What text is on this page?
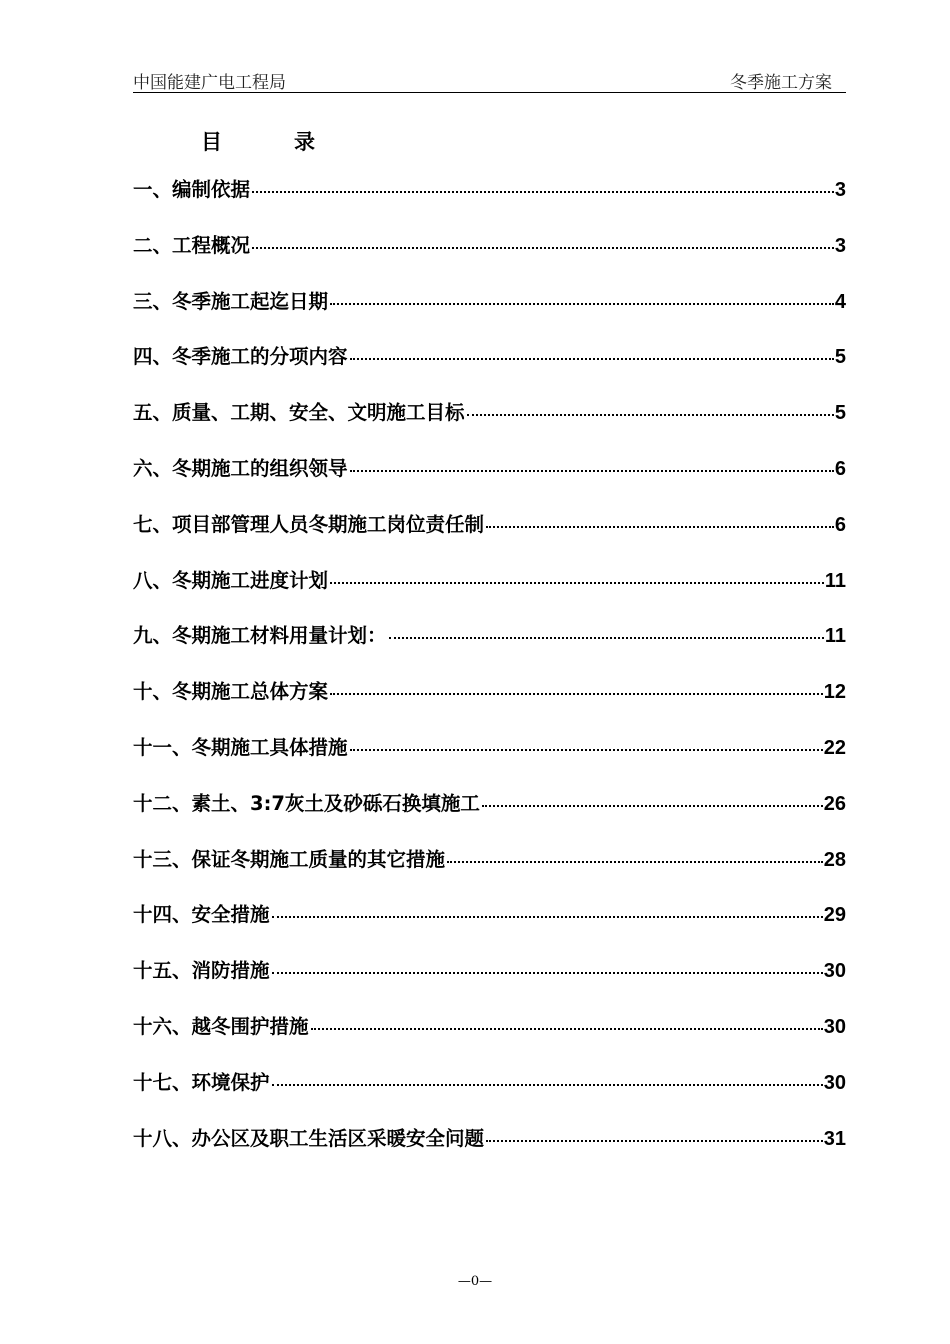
中国能建广电工程局	冬季施工方案
目	录
一、编制依据	3
二、工程概况	3
三、冬季施工起迄日期	4
四、冬季施工的分项内容	5
五、质量、工期、安全、文明施工目标	5
六、冬期施工的组织领导	6
七、项目部管理人员冬期施工岗位责任制	6
八、冬期施工进度计划	11
九、冬期施工材料用量计划：	11
十、冬期施工总体方案	12
十一、冬期施工具体措施	22
十二、素土、3:7灰土及砂砾石换填施工	26
十三、保证冬期施工质量的其它措施	28
十四、安全措施	29
十五、消防措施	30
十六、越冬围护措施	30
十七、环境保护	30
十八、办公区及职工生活区采暖安全问题	31
—0—
